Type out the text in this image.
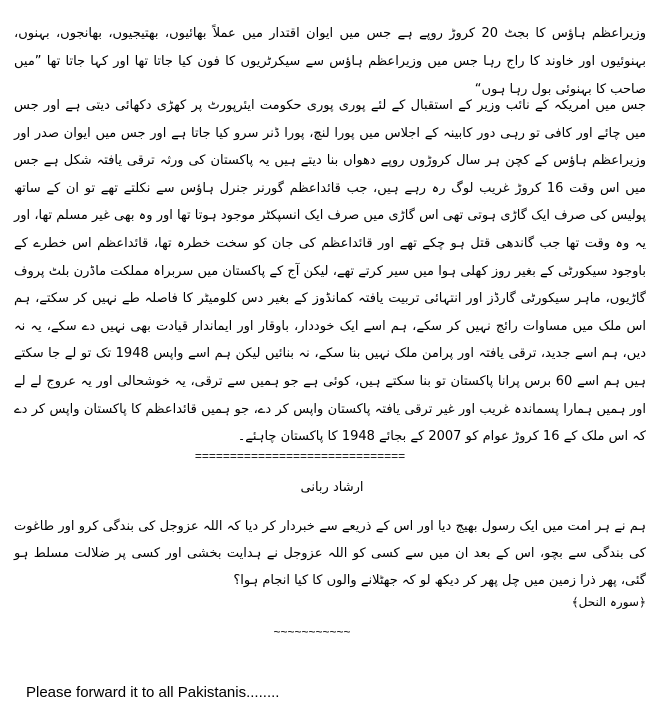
وزیراعظم ہاؤس کا بجٹ 20 کروڑ روپے ہے جس میں ایوان اقتدار میں عملاً بھائیوں، بھتیجیوں، بھانجوں، بہنوں، بہنوئیوں اور خاوند کا راج رہا جس میں وزیراعظم ہاؤس سے سیکرٹریوں کا فون کیا جاتا تھا اور کہا جاتا تھا ”میں صاحب کا بہنوئی بول رہا ہوں“

جس میں امریکہ کے نائب وزیر کے استقبال کے لئے پوری پوری حکومت ایئرپورٹ پر کھڑی دکھائی دیتی ہے اور جس میں چائے اور کافی تو رہی دور کابینہ کے اجلاس میں پورا لنچ، پورا ڈنر سرو کیا جاتا ہے اور جس میں ایوان صدر اور وزیراعظم ہاؤس کے کچن ہر سال کروڑوں روپے دھواں بنا دیتے ہیں یہ پاکستان کی ورثہ ترقی یافتہ شکل ہے جس میں اس وقت 16 کروڑ غریب لوگ رہ رہے ہیں، جب قائداعظم گورنر جنرل ہاؤس سے نکلتے تھے تو ان کے ساتھ پولیس کی صرف ایک گاڑی ہوتی تھی اس گاڑی میں صرف ایک انسپکٹر موجود ہوتا تھا اور وہ بھی غیر مسلم تھا، اور یہ وہ وقت تھا جب گاندھی قتل ہو چکے تھے اور قائداعظم کی جان کو سخت خطرہ تھا، قائداعظم اس خطرے کے باوجود سیکورٹی کے بغیر روز کھلی ہوا میں سیر کرتے تھے، لیکن آج کے پاکستان میں سربراہ مملکت ماڈرن بلٹ پروف گاڑیوں، ماہر سیکورٹی گارڈز اور انتہائی تربیت یافتہ کمانڈوز کے بغیر دس کلومیٹر کا فاصلہ طے نہیں کر سکتے، ہم اس ملک میں مساوات رائج نہیں کر سکے، ہم اسے ایک خوددار، باوقار اور ایماندار قیادت بھی نہیں دے سکے، یہ نہ دیں، ہم اسے جدید، ترقی یافتہ اور پرامن ملک نہیں بنا سکے، نہ بنائیں لیکن ہم اسے واپس 1948 تک تو لے جا سکتے ہیں ہم اسے 60 برس پرانا پاکستان تو بنا سکتے ہیں، کوئی ہے جو ہمیں سے ترقی، یہ خوشحالی اور یہ عروج لے لے اور ہمیں ہمارا پسماندہ غریب اور غیر ترقی یافتہ پاکستان واپس کر دے، جو ہمیں قائداعظم کا پاکستان واپس کر دے کہ اس ملک کے 16 کروڑ عوام کو 2007 کے بجائے 1948 کا پاکستان چاہئے۔

==============================

ارشاد ربانی

ہم نے ہر امت میں ایک رسول بھیج دیا اور اس کے ذریعے سے خبردار کر دیا کہ اللہ عزوجل کی بندگی کرو اور طاغوت کی بندگی سے بچو، اس کے بعد ان میں سے کسی کو اللہ عزوجل نے ہدایت بخشی اور کسی پر ضلالت مسلط ہو گئی، پھر ذرا زمین میں چل پھر کر دیکھ لو کہ جھٹلانے والوں کا کیا انجام ہوا؟

﴿سورہ النحل﴾

~~~~~~~~~~~

Please forward it to all Pakistanis........
